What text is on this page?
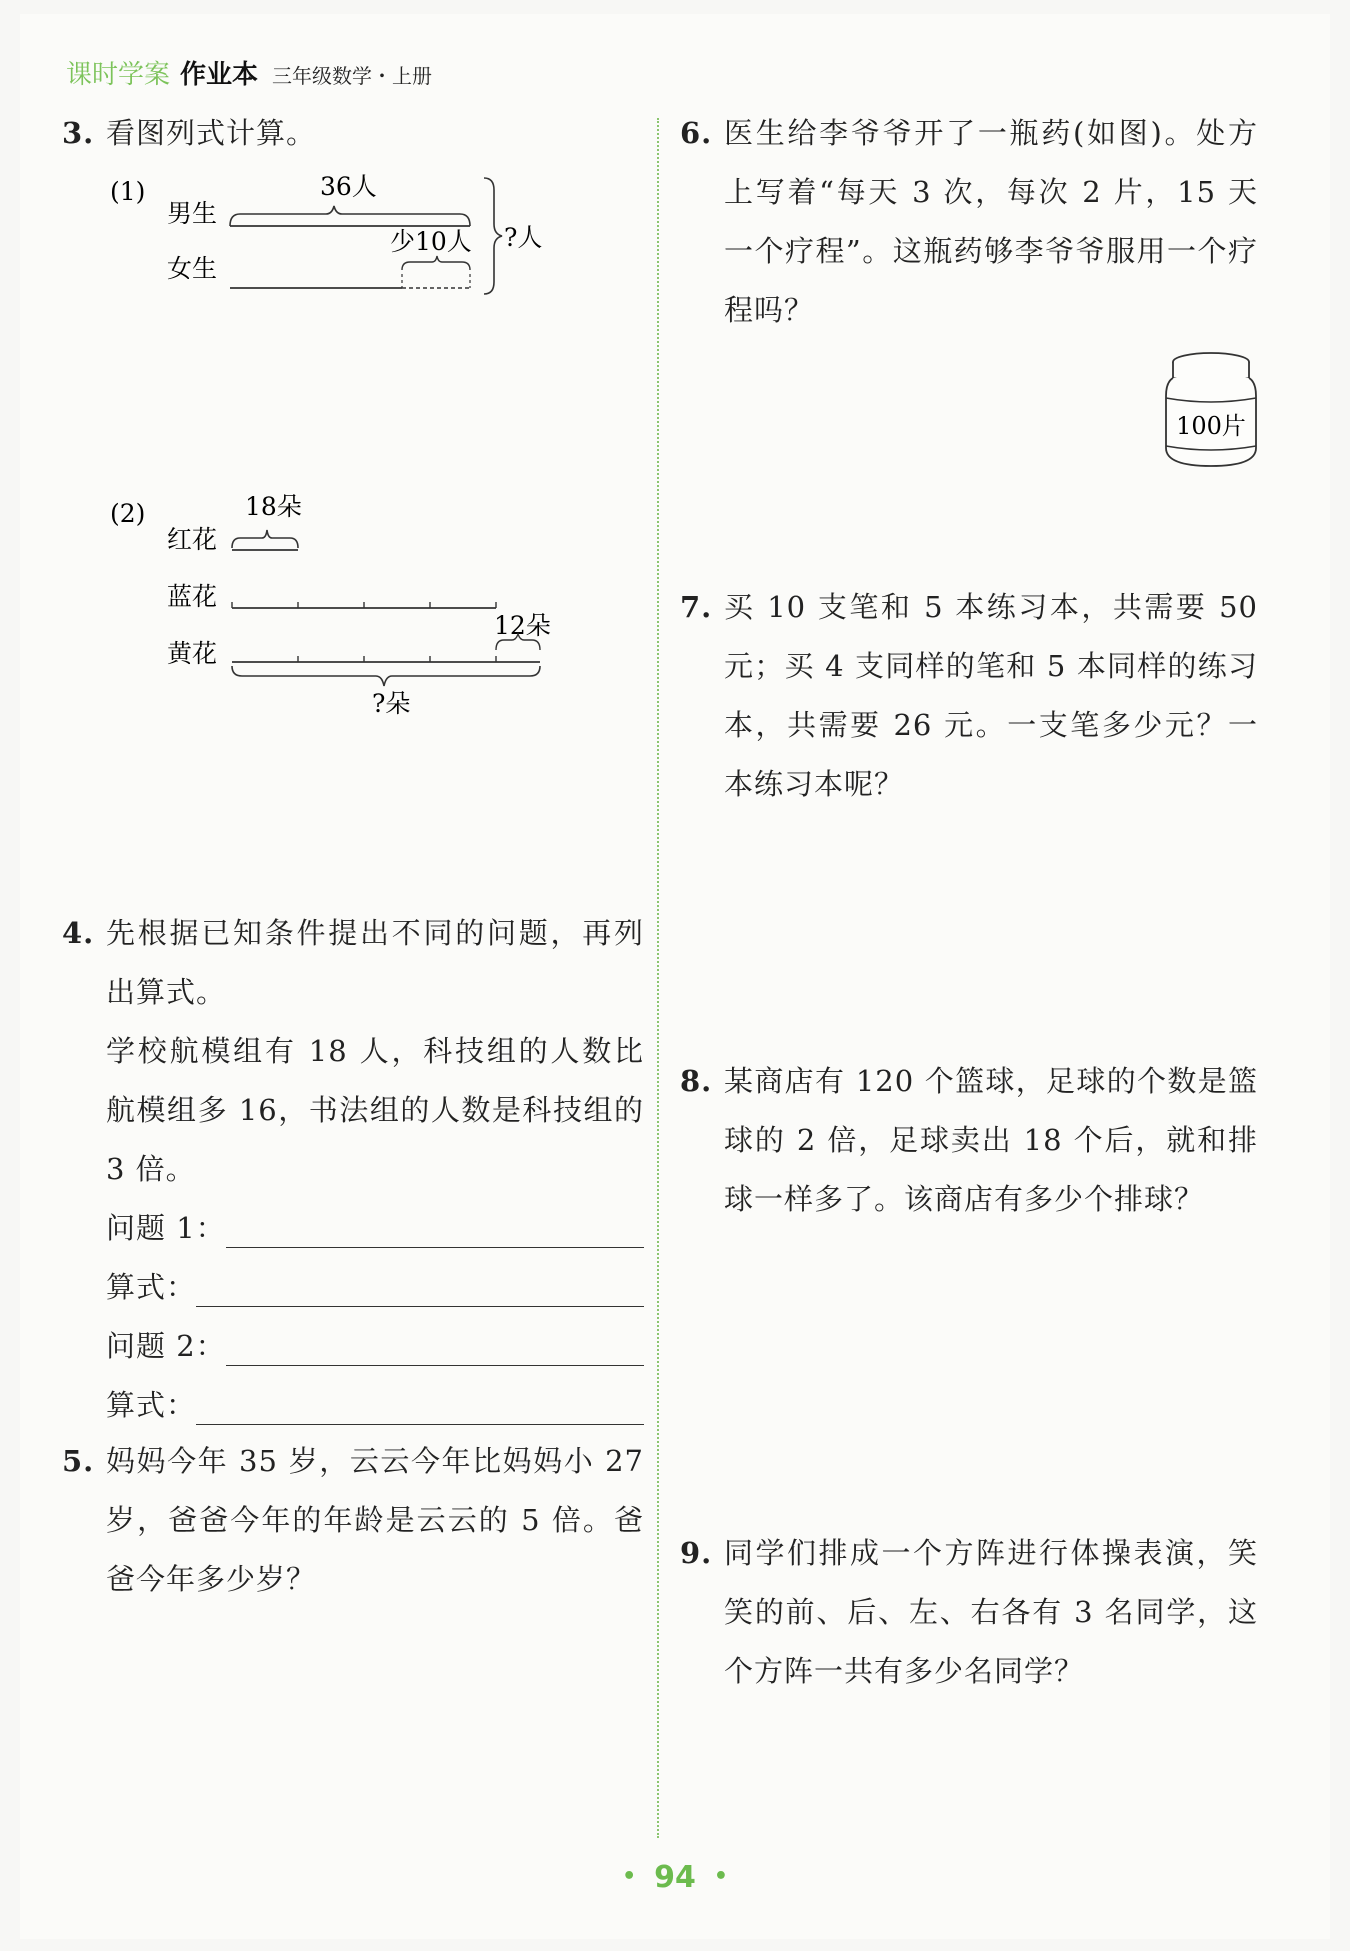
课时学案 作业本 三年级数学・上册
3. 看图列式计算。
(1)
男生
女生
36人
少10人 ?人
(2)	18朵
红花
蓝花
12朵
黄花
?朵
4. 先根据已知条件提出不同的问题，再列出算式。
学校航模组有 18 人，科技组的人数比航模组多 16，书法组的人数是科技组的 3 倍。
问题 1：
算式：
问题 2：
算式：
5. 妈妈今年 35 岁，云云今年比妈妈小 27 岁，爸爸今年的年龄是云云的 5 倍。爸爸今年多少岁？
6. 医生给李爷爷开了一瓶药(如图)。处方上写着“每天 3 次，每次 2 片，15 天一个疗程”。这瓶药够李爷爷服用一个疗程吗？
100片
7. 买 10 支笔和 5 本练习本，共需要 50 元；买 4 支同样的笔和 5 本同样的练习本，共需要 26 元。一支笔多少元？一本练习本呢？
8. 某商店有 120 个篮球，足球的个数是篮球的 2 倍，足球卖出 18 个后，就和排球一样多了。该商店有多少个排球？
9. 同学们排成一个方阵进行体操表演，笑笑的前、后、左、右各有 3 名同学，这个方阵一共有多少名同学？
• 94 •
